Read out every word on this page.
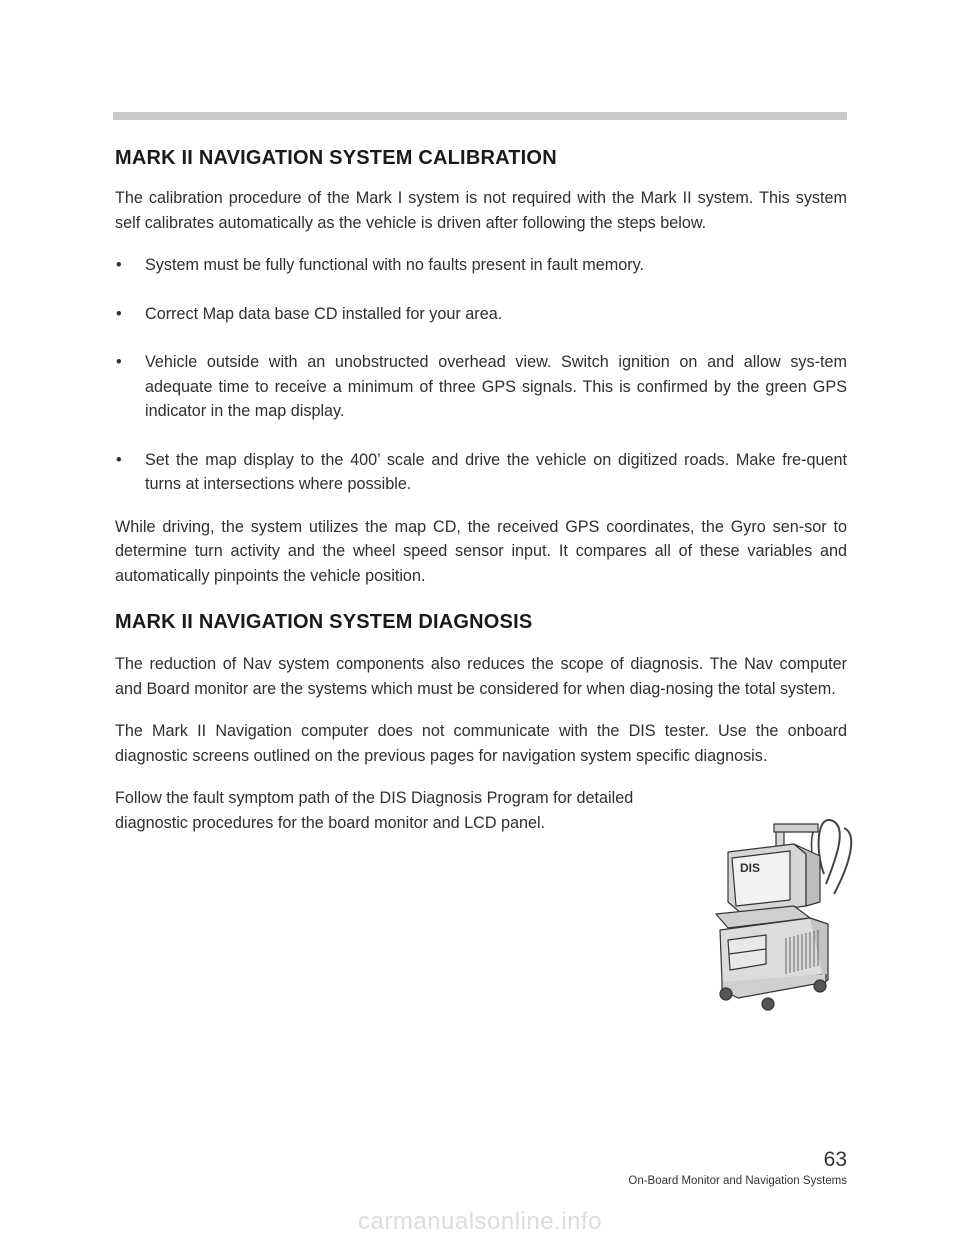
MARK II NAVIGATION SYSTEM CALIBRATION

The calibration procedure of the Mark I system is not required with the Mark II system. This system self calibrates automatically as the vehicle is driven after following the steps below.

• System must be fully functional with no faults present in fault memory.
• Correct Map data base CD installed for your area.
• Vehicle outside with an unobstructed overhead view. Switch ignition on and allow sys-tem adequate time to receive a minimum of three GPS signals. This is confirmed by the green GPS indicator in the map display.
• Set the map display to the 400’ scale and drive the vehicle on digitized roads. Make fre-quent turns at intersections where possible.

While driving, the system utilizes the map CD, the received GPS coordinates, the Gyro sen-sor to determine turn activity and the wheel speed sensor input. It compares all of these variables and automatically pinpoints the vehicle position.

MARK II NAVIGATION SYSTEM DIAGNOSIS

The reduction of Nav system components also reduces the scope of diagnosis. The Nav computer and Board monitor are the systems which must be considered for when diag-nosing the total system.

The Mark II Navigation computer does not communicate with the DIS tester. Use the onboard diagnostic screens outlined on the previous pages for navigation system specific diagnosis.

Follow the fault symptom path of the DIS Diagnosis Program for detailed diagnostic procedures for the board monitor and LCD panel.

DIS
63
On-Board Monitor and Navigation Systems
carmanualsonline.info
